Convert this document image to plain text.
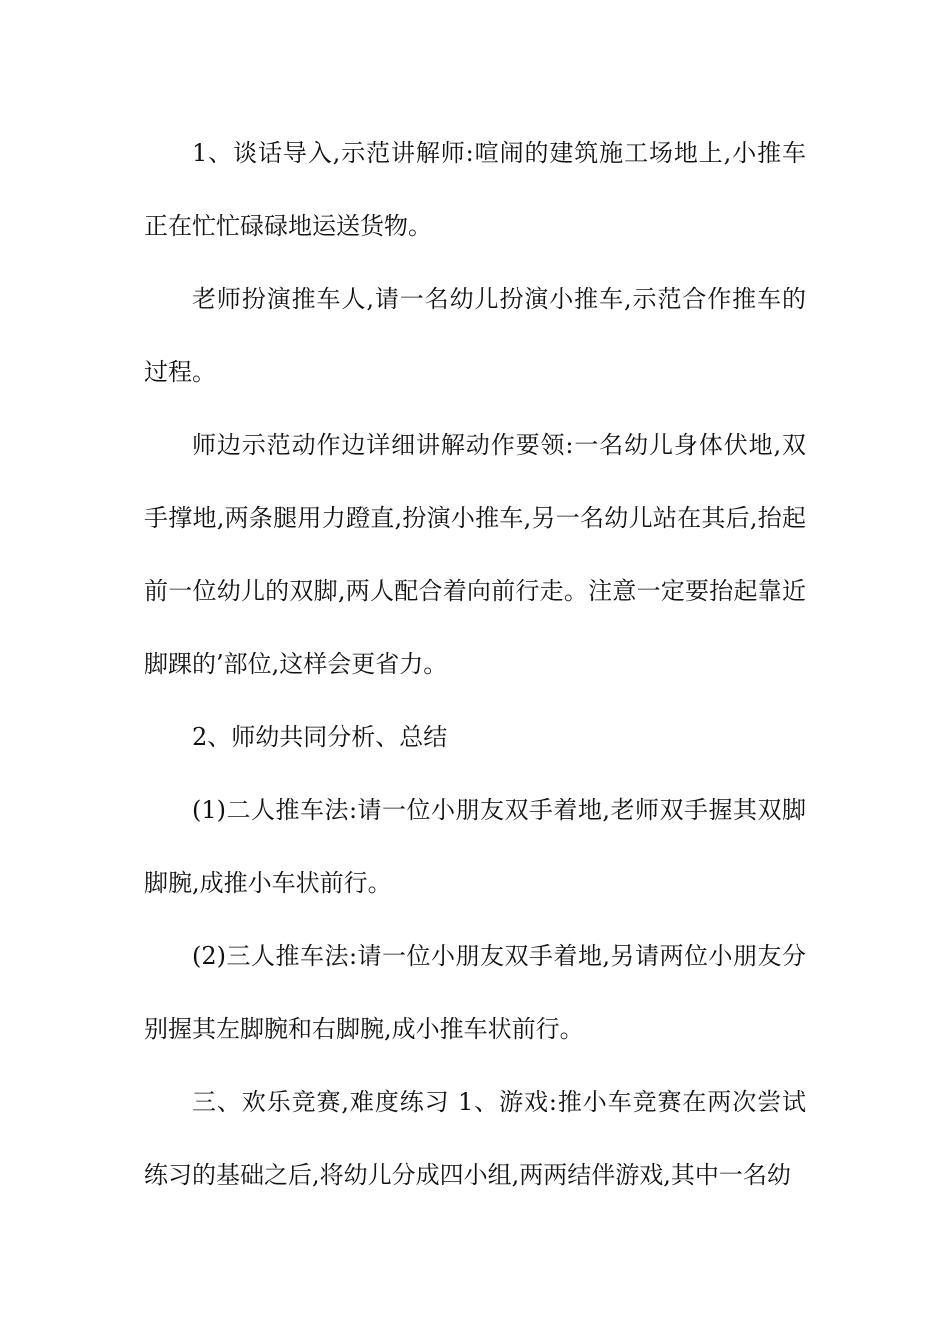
1、谈话导入,示范讲解师:喧闹的建筑施工场地上,小推车正在忙忙碌碌地运送货物。

老师扮演推车人,请一名幼儿扮演小推车,示范合作推车的过程。

师边示范动作边详细讲解动作要领:一名幼儿身体伏地,双手撑地,两条腿用力蹬直,扮演小推车,另一名幼儿站在其后,抬起前一位幼儿的双脚,两人配合着向前行走。注意一定要抬起靠近脚踝的’部位,这样会更省力。

2、师幼共同分析、总结

(1)二人推车法:请一位小朋友双手着地,老师双手握其双脚脚腕,成推小车状前行。

(2)三人推车法:请一位小朋友双手着地,另请两位小朋友分别握其左脚腕和右脚腕,成小推车状前行。

三、欢乐竞赛,难度练习 1、游戏:推小车竞赛在两次尝试练习的基础之后,将幼儿分成四小组,两两结伴游戏,其中一名幼
